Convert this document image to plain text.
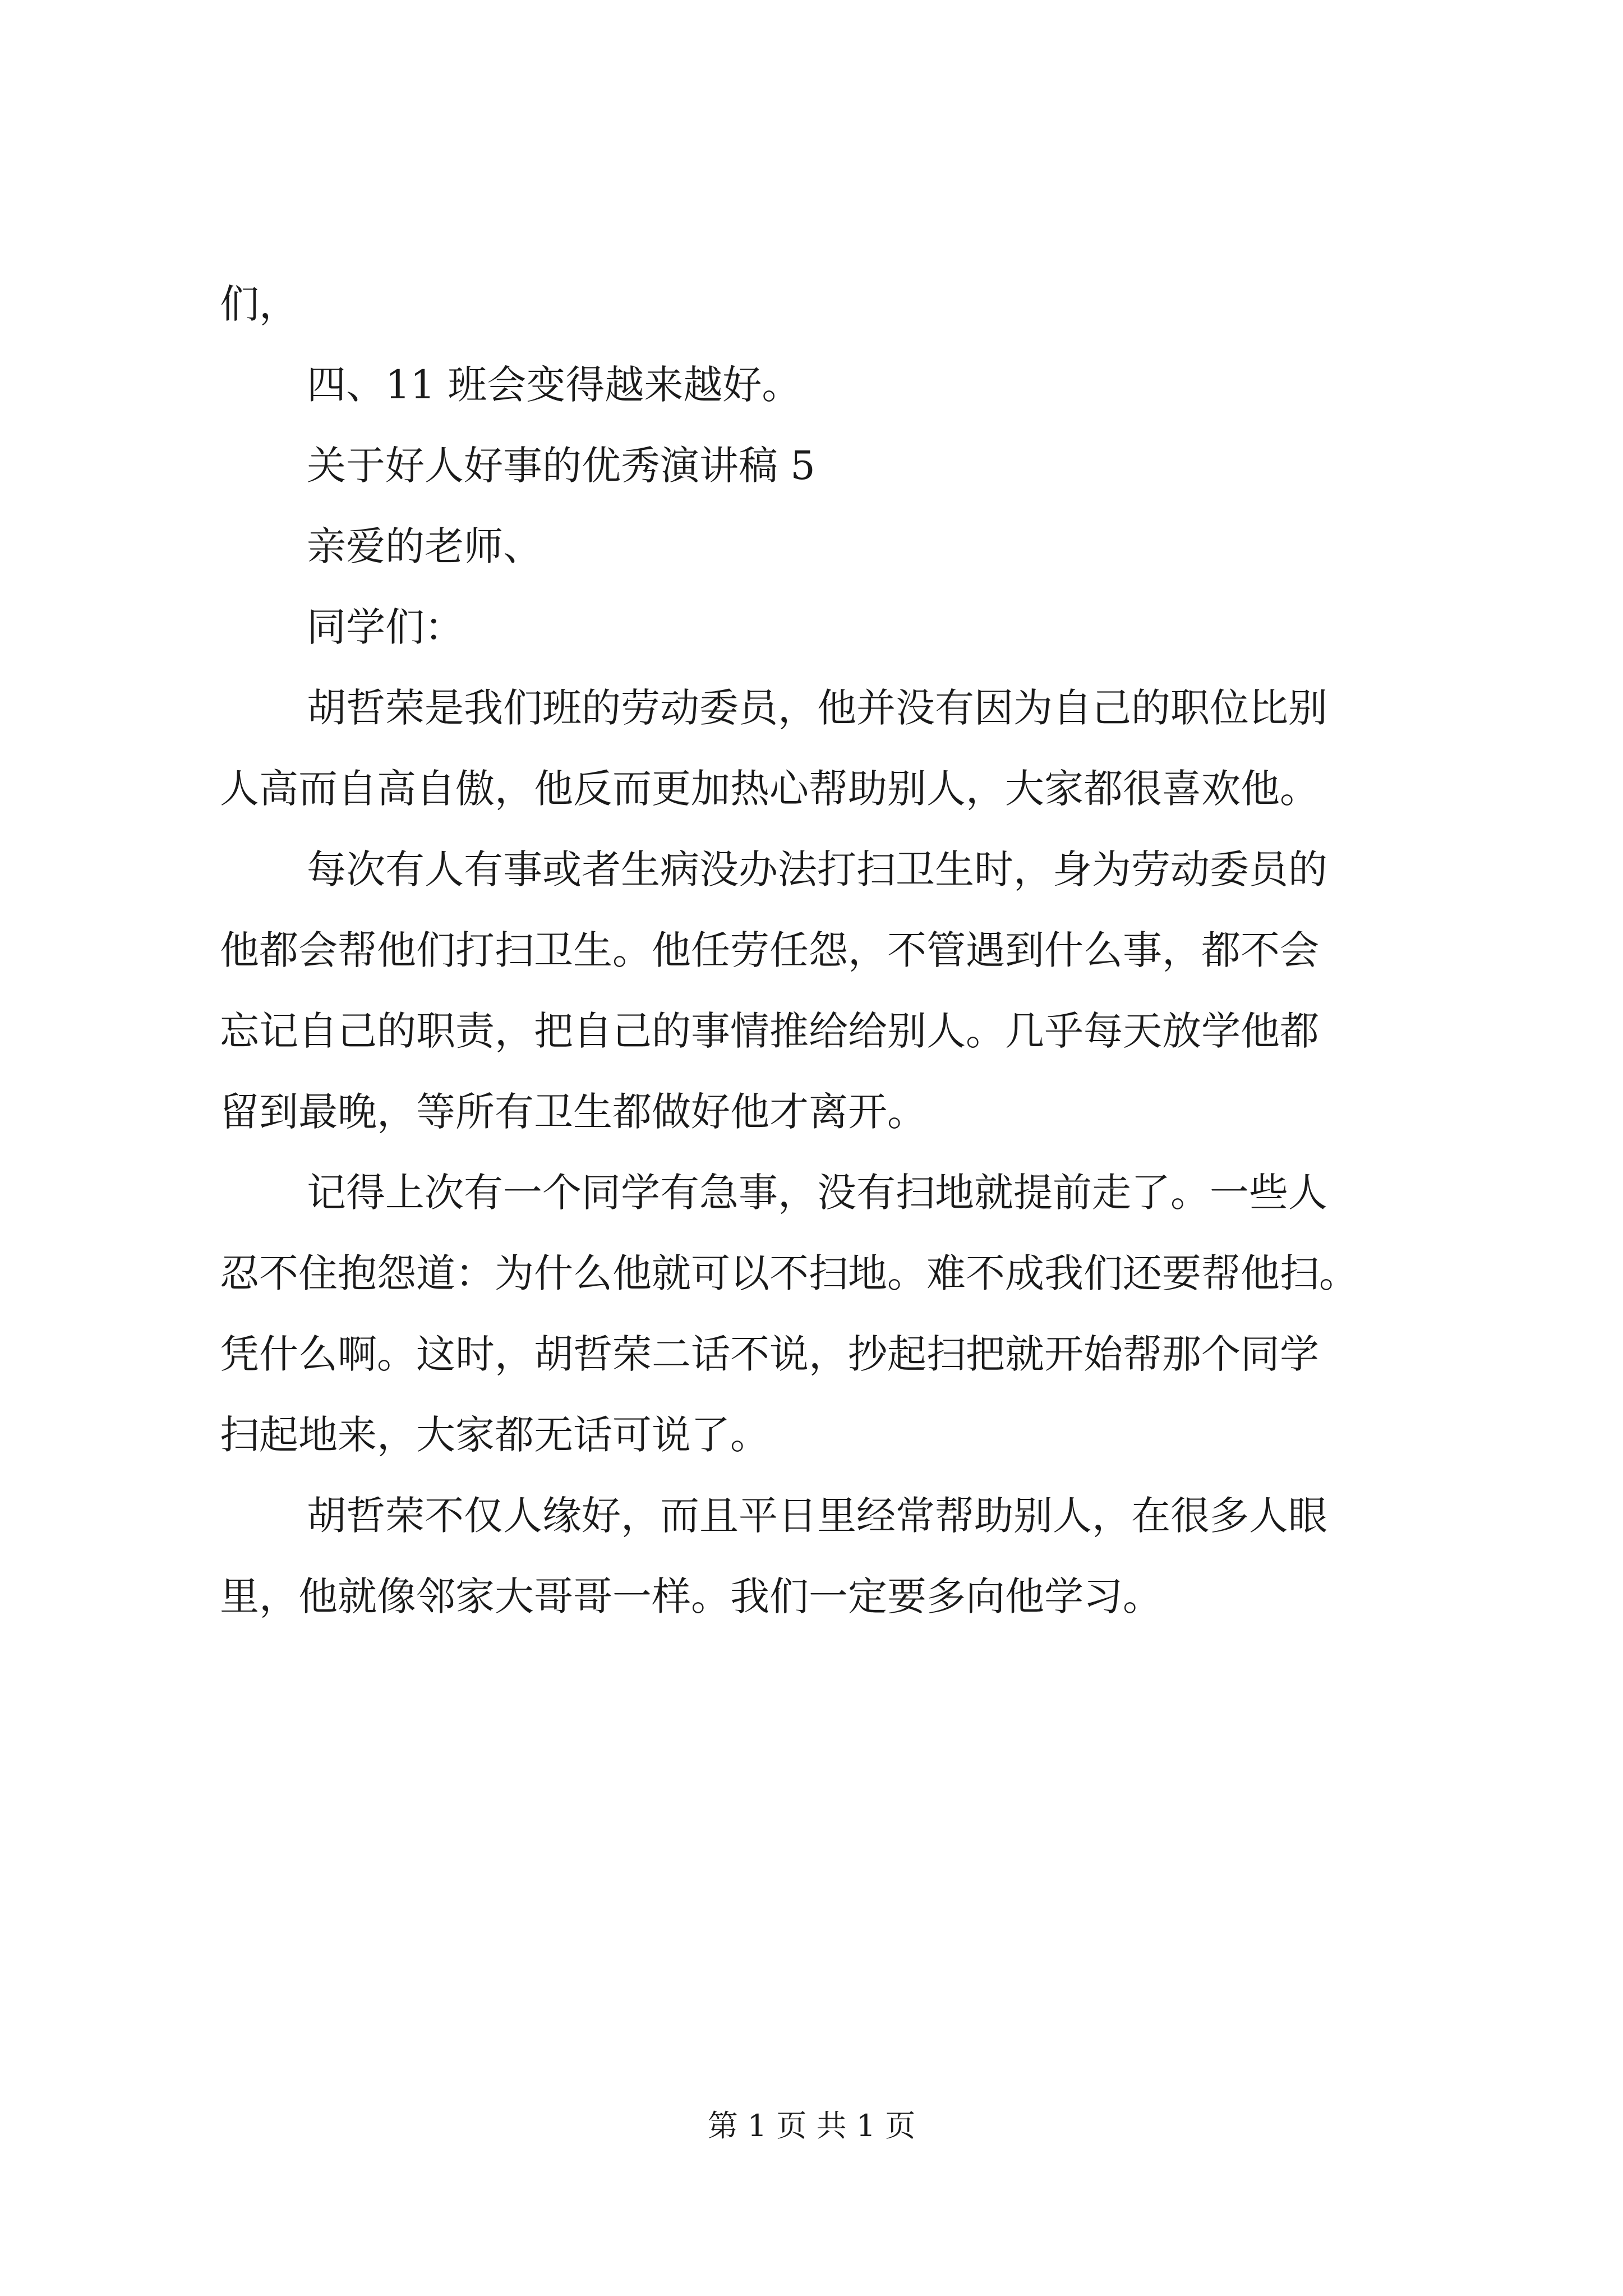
们，

四、11 班会变得越来越好。

关于好人好事的优秀演讲稿 5

亲爱的老师、

同学们：

胡哲荣是我们班的劳动委员，他并没有因为自己的职位比别

人高而自高自傲，他反而更加热心帮助别人，大家都很喜欢他。

每次有人有事或者生病没办法打扫卫生时，身为劳动委员的

他都会帮他们打扫卫生。他任劳任怨，不管遇到什么事，都不会

忘记自己的职责，把自己的事情推给给别人。几乎每天放学他都

留到最晚，等所有卫生都做好他才离开。

记得上次有一个同学有急事，没有扫地就提前走了。一些人

忍不住抱怨道：为什么他就可以不扫地。难不成我们还要帮他扫。

凭什么啊。这时，胡哲荣二话不说，抄起扫把就开始帮那个同学

扫起地来，大家都无话可说了。

胡哲荣不仅人缘好，而且平日里经常帮助别人，在很多人眼

里，他就像邻家大哥哥一样。我们一定要多向他学习。

第 1 页 共 1 页
